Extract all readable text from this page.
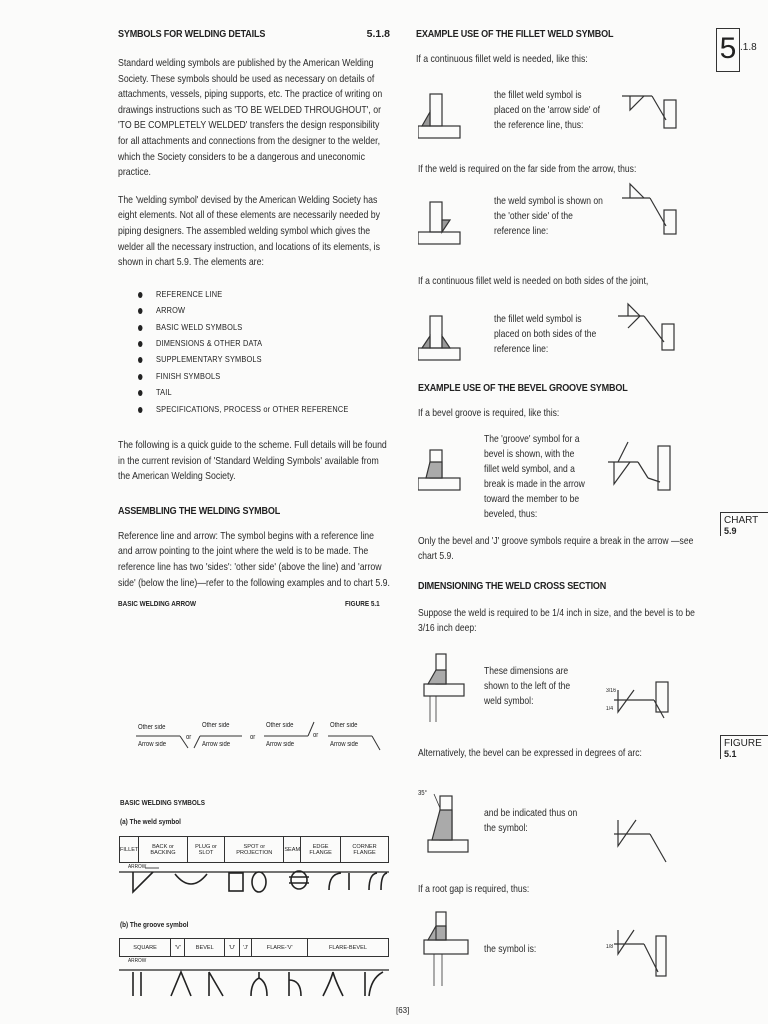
SYMBOLS FOR WELDING DETAILS	5.1.8
Standard welding symbols are published by the American Welding Society. These symbols should be used as necessary on details of attachments, vessels, piping supports, etc. The practice of writing on drawings instructions such as 'TO BE WELDED THROUGHOUT', or 'TO BE COMPLETELY WELDED' transfers the design responsibility for all attachments and connections from the designer to the welder, which the Society considers to be a dangerous and uneconomic practice.
The 'welding symbol' devised by the American Welding Society has eight elements. Not all of these elements are necessarily needed by piping designers. The assembled welding symbol which gives the welder all the necessary instruction, and locations of its elements, is shown in chart 5.9. The elements are:
REFERENCE LINE
ARROW
BASIC WELD SYMBOLS
DIMENSIONS & OTHER DATA
SUPPLEMENTARY SYMBOLS
FINISH SYMBOLS
TAIL
SPECIFICATIONS, PROCESS or OTHER REFERENCE
The following is a quick guide to the scheme. Full details will be found in the current revision of 'Standard Welding Symbols' available from the American Welding Society.
ASSEMBLING THE WELDING SYMBOL
Reference line and arrow: The symbol begins with a reference line and arrow pointing to the joint where the weld is to be made. The reference line has two 'sides': 'other side' (above the line) and 'arrow side' (below the line)—refer to the following examples and to chart 5.9.
BASIC WELDING ARROW	FIGURE 5.1
Other side
Arrow side
or
Other side
Arrow side
or
Other side
Arrow side
or
Other side
Arrow side
BASIC WELDING SYMBOLS
(a) The weld symbol
FILLET	BACK or BACKING	PLUG or SLOT	SPOT or PROJECTION	SEAM	EDGE FLANGE	CORNER FLANGE

ARROW
(b) The groove symbol
SQUARE	'V'	BEVEL	'U'	'J'	FLARE-'V'	FLARE-BEVEL

ARROW
EXAMPLE USE OF THE FILLET WELD SYMBOL
If a continuous fillet weld is needed, like this:
the fillet weld symbol is placed on the 'arrow side' of the reference line, thus:
If the weld is required on the far side from the arrow, thus:
the weld symbol is shown on the 'other side' of the reference line:
If a continuous fillet weld is needed on both sides of the joint,
the fillet weld symbol is placed on both sides of the reference line:
EXAMPLE USE OF THE BEVEL GROOVE SYMBOL
If a bevel groove is required, like this:
The 'groove' symbol for a bevel is shown, with the fillet weld symbol, and a break is made in the arrow toward the member to be beveled, thus:
Only the bevel and 'J' groove symbols require a break in the arrow —see chart 5.9.
DIMENSIONING THE WELD CROSS SECTION
Suppose the weld is required to be 1/4 inch in size, and the bevel is to be 3/16 inch deep:
These dimensions are shown to the left of the weld symbol:
Alternatively, the bevel can be expressed in degrees of arc:
and be indicated thus on the symbol:
If a root gap is required, thus:
the symbol is:
35°
3/16
1/4
1/8
5 .1.8
CHART
5.9
FIGURE
5.1
[63]
